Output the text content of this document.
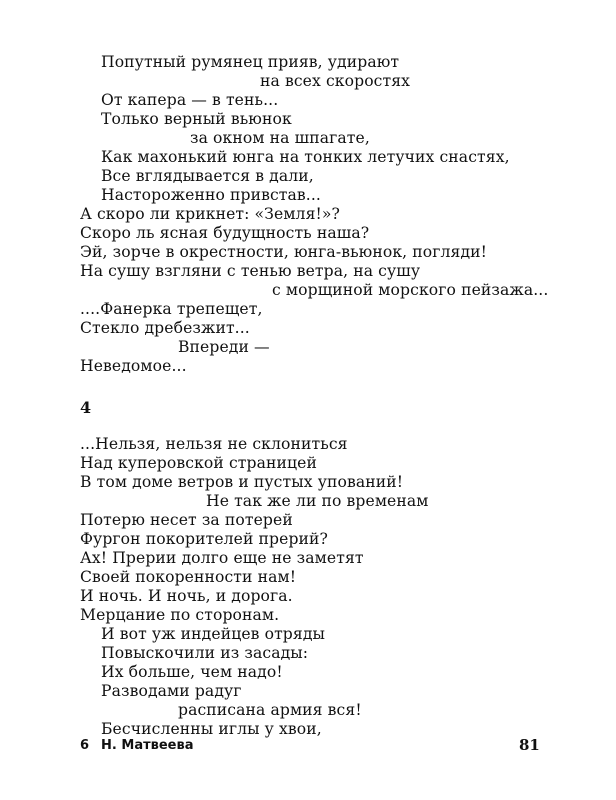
Попутный румянец прияв, удирают
на всех скоростях
От капера — в тень...
Только верный вьюнок
за окном на шпагате,
Как махонький юнга на тонких летучих снастях,
Все вглядывается в дали,
Настороженно привстав...
А скоро ли крикнет: «Земля!»?
Скоро ль ясная будущность наша?
Эй, зорче в окрестности, юнга-вьюнок, погляди!
На сушу взгляни с тенью ветра, на сушу
с морщиной морского пейзажа...
....Фанерка трепещет,
Стекло дребезжит...
Впереди —
Неведомое...
4
...Нельзя, нельзя не склониться
Над куперовской страницей
В том доме ветров и пустых упований!
Не так же ли по временам
Потерю несет за потерей
Фургон покорителей прерий?
Ах! Прерии долго еще не заметят
Своей покоренности нам!
И ночь. И ночь, и дорога.
Мерцание по сторонам.
И вот уж индейцев отряды
Повыскочили из засады:
Их больше, чем надо!
Разводами радуг
расписана армия вся!
Бесчисленны иглы у хвои,
6 Н. Матвеева	81
